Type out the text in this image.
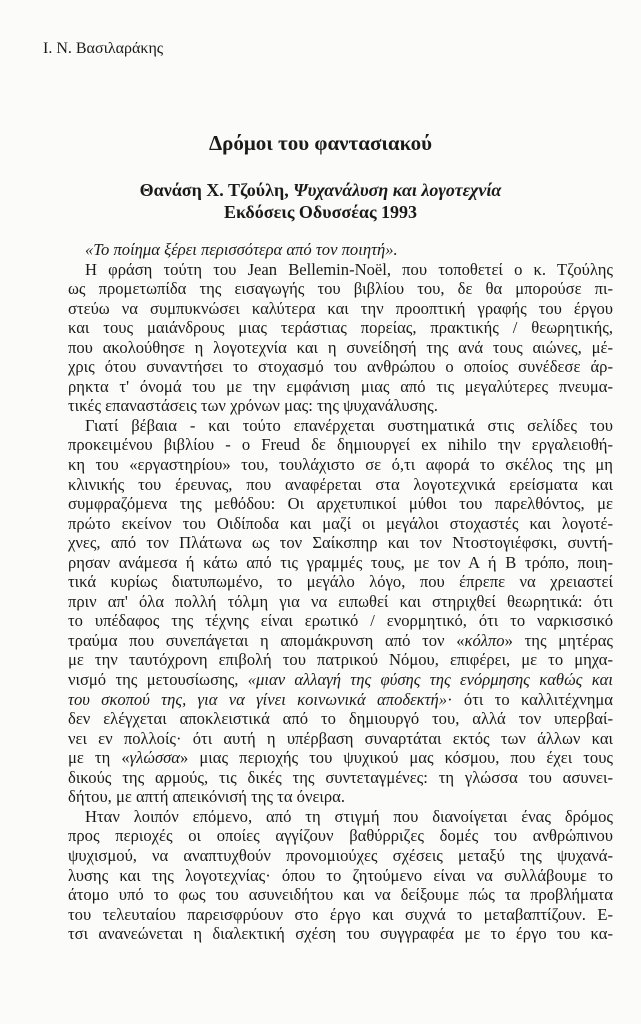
Ι. Ν. Βασιλαράκης
Δρόμοι του φαντασιακού
Θανάση Χ. Τζούλη, Ψυχανάλυση και λογοτεχνία
Εκδόσεις Οδυσσέας 1993
«Το ποίημα ξέρει περισσότερα από τον ποιητή».
Η φράση τούτη του Jean Bellemin-Noël, που τοποθετεί ο κ. Τζούλης
ως προμετωπίδα της εισαγωγής του βιβλίου του, δε θα μπορούσε πι-
στεύω να συμπυκνώσει καλύτερα και την προοπτική γραφής του έργου
και τους μαιάνδρους μιας τεράστιας πορείας, πρακτικής / θεωρητικής,
που ακολούθησε η λογοτεχνία και η συνείδησή της ανά τους αιώνες, μέ-
χρις ότου συναντήσει το στοχασμό του ανθρώπου ο οποίος συνέδεσε άρ-
ρηκτα τ' όνομά του με την εμφάνιση μιας από τις μεγαλύτερες πνευμα-
τικές επαναστάσεις των χρόνων μας: της ψυχανάλυσης.
Γιατί βέβαια - και τούτο επανέρχεται συστηματικά στις σελίδες του
προκειμένου βιβλίου - ο Freud δε δημιουργεί ex nihilo την εργαλειοθή-
κη του «εργαστηρίου» του, τουλάχιστο σε ό,τι αφορά το σκέλος της μη
κλινικής του έρευνας, που αναφέρεται στα λογοτεχνικά ερείσματα και
συμφραζόμενα της μεθόδου: Οι αρχετυπικοί μύθοι του παρελθόντος, με
πρώτο εκείνον του Οιδίποδα και μαζί οι μεγάλοι στοχαστές και λογοτέ-
χνες, από τον Πλάτωνα ως τον Σαίκσπηρ και τον Ντοστογιέφσκι, συντή-
ρησαν ανάμεσα ή κάτω από τις γραμμές τους, με τον Α ή Β τρόπο, ποιη-
τικά κυρίως διατυπωμένο, το μεγάλο λόγο, που έπρεπε να χρειαστεί
πριν απ' όλα πολλή τόλμη για να ειπωθεί και στηριχθεί θεωρητικά: ότι
το υπέδαφος της τέχνης είναι ερωτικό / ενορμητικό, ότι το ναρκισσικό
τραύμα που συνεπάγεται η απομάκρυνση από τον «κόλπο» της μητέρας
με την ταυτόχρονη επιβολή του πατρικού Νόμου, επιφέρει, με το μηχα-
νισμό της μετουσίωσης, «μιαν αλλαγή της φύσης της ενόρμησης καθώς και
του σκοπού της, για να γίνει κοινωνικά αποδεκτή»· ότι το καλλιτέχνημα
δεν ελέγχεται αποκλειστικά από το δημιουργό του, αλλά τον υπερβαί-
νει εν πολλοίς· ότι αυτή η υπέρβαση συναρτάται εκτός των άλλων και
με τη «γλώσσα» μιας περιοχής του ψυχικού μας κόσμου, που έχει τους
δικούς της αρμούς, τις δικές της συντεταγμένες: τη γλώσσα του ασυνει-
δήτου, με απτή απεικόνισή της τα όνειρα.
Ηταν λοιπόν επόμενο, από τη στιγμή που διανοίγεται ένας δρόμος
προς περιοχές οι οποίες αγγίζουν βαθύρριζες δομές του ανθρώπινου
ψυχισμού, να αναπτυχθούν προνομιούχες σχέσεις μεταξύ της ψυχανά-
λυσης και της λογοτεχνίας· όπου το ζητούμενο είναι να συλλάβουμε το
άτομο υπό το φως του ασυνειδήτου και να δείξουμε πώς τα προβλήματα
του τελευταίου παρεισφρύουν στο έργο και συχνά το μεταβαπτίζουν. Ε-
τσι ανανεώνεται η διαλεκτική σχέση του συγγραφέα με το έργο του κα-
